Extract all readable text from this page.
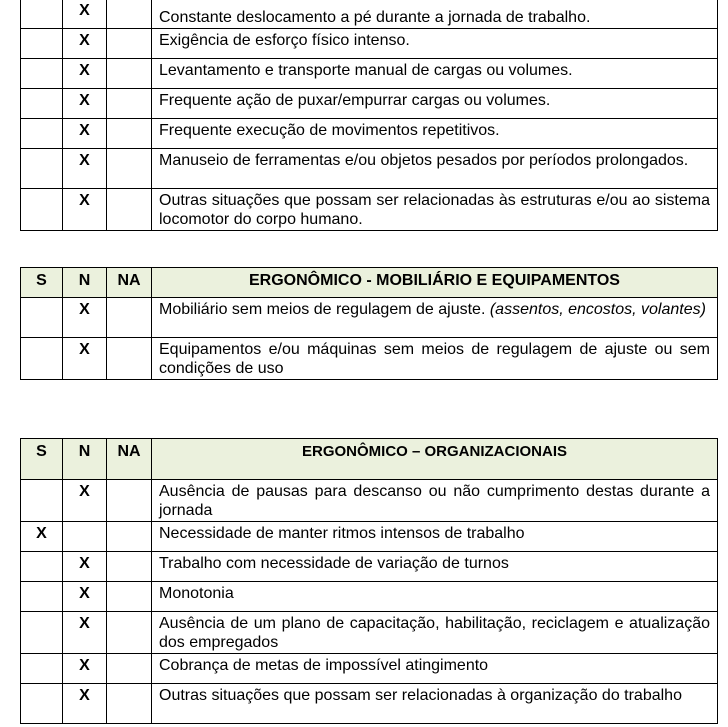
	X		Constante deslocamento a pé durante a jornada de trabalho.
	X		Exigência de esforço físico intenso.
	X		Levantamento e transporte manual de cargas ou volumes.
	X		Frequente ação de puxar/empurrar cargas ou volumes.
	X		Frequente execução de movimentos repetitivos.
	X		Manuseio de ferramentas e/ou objetos pesados por períodos prolongados.
	X		Outras situações que possam ser relacionadas às estruturas e/ou ao sistema locomotor do corpo humano.
S	N	NA	ERGONÔMICO - MOBILIÁRIO E EQUIPAMENTOS
	X		Mobiliário sem meios de regulagem de ajuste. (assentos, encostos, volantes)
	X		Equipamentos e/ou máquinas sem meios de regulagem de ajuste ou sem condições de uso
S	N	NA	ERGONÔMICO – ORGANIZACIONAIS
	X		Ausência de pausas para descanso ou não cumprimento destas durante a jornada
X			Necessidade de manter ritmos intensos de trabalho
	X		Trabalho com necessidade de variação de turnos
	X		Monotonia
	X		Ausência de um plano de capacitação, habilitação, reciclagem e atualização dos empregados
	X		Cobrança de metas de impossível atingimento
	X		Outras situações que possam ser relacionadas à organização do trabalho
